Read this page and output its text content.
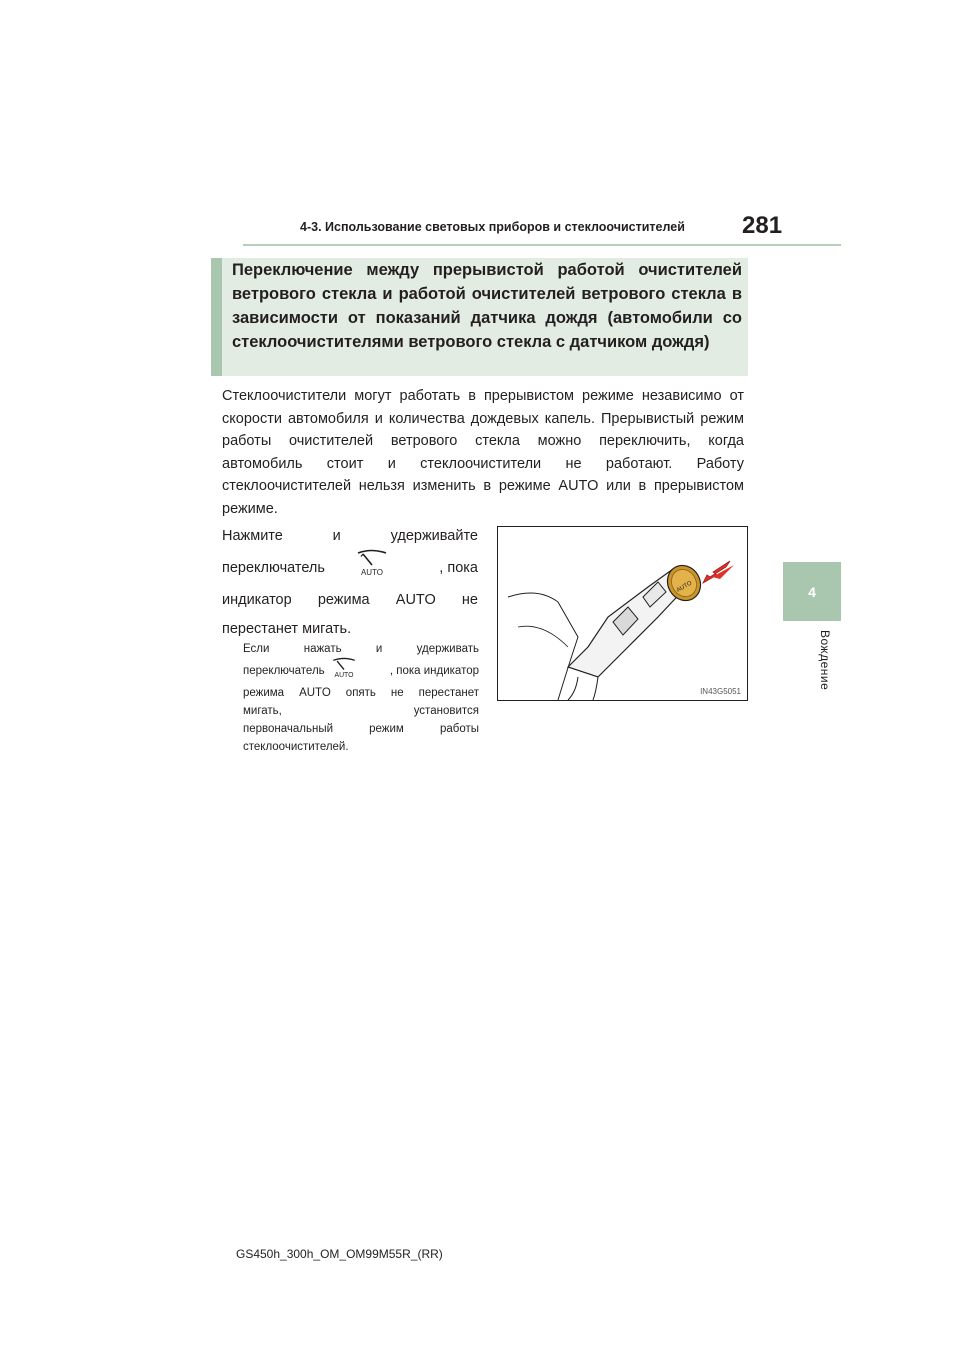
4-3. Использование световых приборов и стеклоочистителей	281
4
Вождение
Переключение между прерывистой работой очистителей ветрового стекла и работой очистителей ветрового стекла в зависимости от показаний датчика дождя (автомобили со стеклоочистителями ветрового стекла с датчиком дождя)
Стеклоочистители могут работать в прерывистом режиме независимо от скорости автомобиля и количества дождевых капель. Прерывистый режим работы очистителей ветрового стекла можно переключить, когда автомобиль стоит и стеклоочистители не работают. Работу стеклоочистителей нельзя изменить в режиме AUTO или в прерывистом режиме.
Нажмите	и	удерживайте
переключатель	AUTO	, пока
индикатор режима AUTO не
перестанет мигать.
Если нажать и удерживать
переключатель AUTO	, пока индикатор
режима AUTO опять не перестанет
мигать,	установится
первоначальный	режим	работы
стеклоочистителей.
AUTO
IN43G5051
GS450h_300h_OM_OM99M55R_(RR)
